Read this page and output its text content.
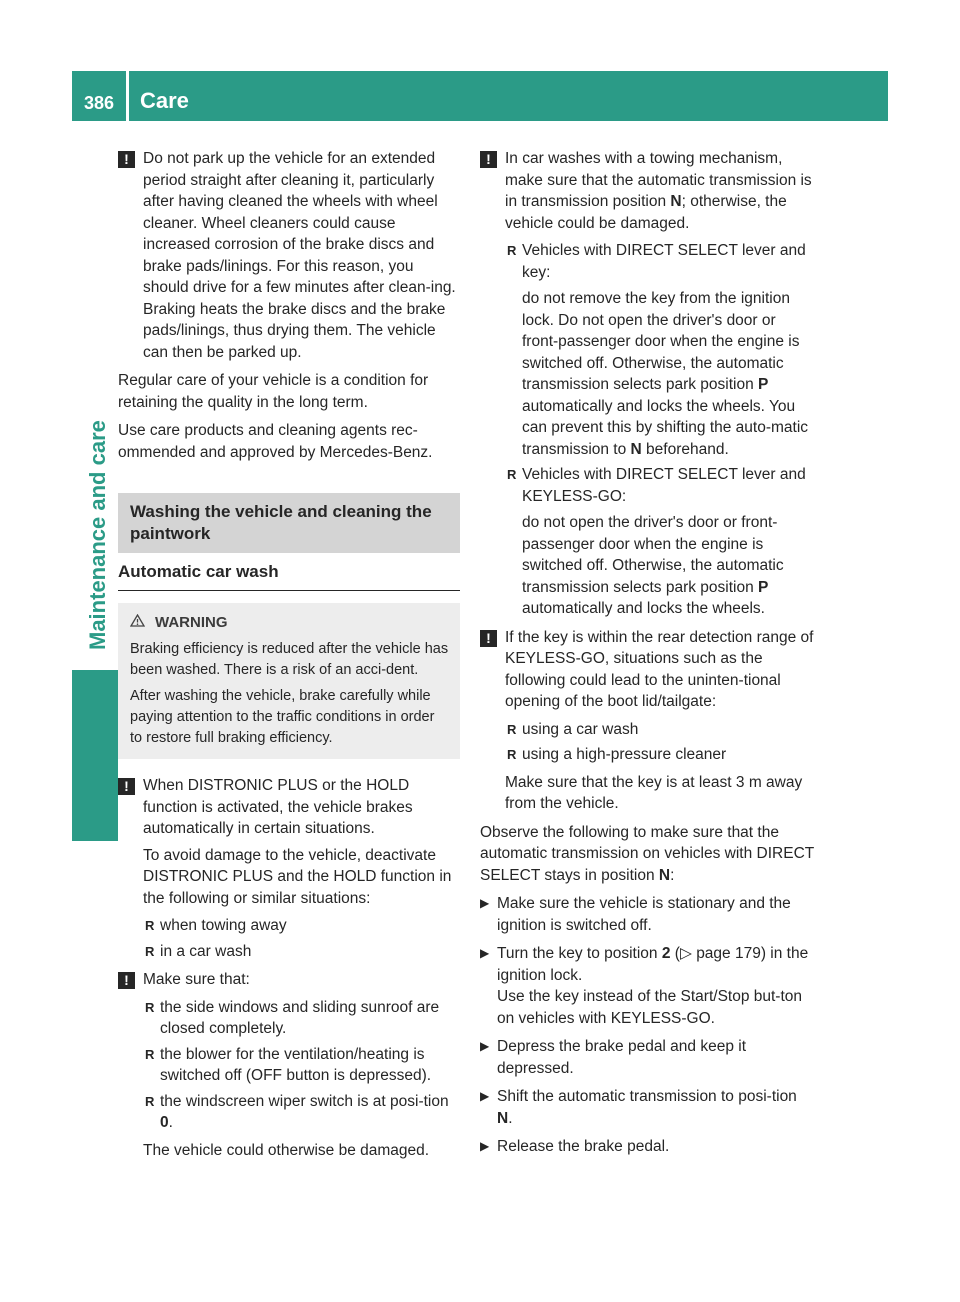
386 Care
Maintenance and care
!

Do not park up the vehicle for an extended period straight after cleaning it, particularly after having cleaned the wheels with wheel cleaner. Wheel cleaners could cause increased corrosion of the brake discs and brake pads/linings. For this reason, you should drive for a few minutes after clean-ing. Braking heats the brake discs and the brake pads/linings, thus drying them. The vehicle can then be parked up.

Regular care of your vehicle is a condition for retaining the quality in the long term.

Use care products and cleaning agents rec-ommended and approved by Mercedes-Benz.

Washing the vehicle and cleaning the paintwork
Automatic car wash
WARNING

Braking efficiency is reduced after the vehicle has been washed. There is a risk of an acci-dent.

After washing the vehicle, brake carefully while paying attention to the traffic conditions in order to restore full braking efficiency.

!

When DISTRONIC PLUS or the HOLD function is activated, the vehicle brakes automatically in certain situations.

To avoid damage to the vehicle, deactivate DISTRONIC PLUS and the HOLD function in the following or similar situations:

R when towing away
R in a car wash
!

Make sure that:

R the side windows and sliding sunroof are closed completely.
R the blower for the ventilation/heating is switched off (OFF button is depressed).
R the windscreen wiper switch is at posi-tion 0.

The vehicle could otherwise be damaged.

!

In car washes with a towing mechanism, make sure that the automatic transmission is in transmission position N; otherwise, the vehicle could be damaged.

R Vehicles with DIRECT SELECT lever and key:

do not remove the key from the ignition lock. Do not open the driver's door or front-passenger door when the engine is switched off. Otherwise, the automatic transmission selects park position P automatically and locks the wheels. You can prevent this by shifting the auto-matic transmission to N beforehand.

R Vehicles with DIRECT SELECT lever and KEYLESS-GO:

do not open the driver's door or front-passenger door when the engine is switched off. Otherwise, the automatic transmission selects park position P automatically and locks the wheels.

!

If the key is within the rear detection range of KEYLESS-GO, situations such as the following could lead to the uninten-tional opening of the boot lid/tailgate:

R using a car wash
R using a high-pressure cleaner

Make sure that the key is at least 3 m away from the vehicle.

Observe the following to make sure that the automatic transmission on vehicles with DIRECT SELECT stays in position N:

▶ Make sure the vehicle is stationary and the ignition is switched off.
▶ Turn the key to position 2 (▷ page 179) in the ignition lock.

Use the key instead of the Start/Stop but-ton on vehicles with KEYLESS-GO.

▶ Depress the brake pedal and keep it depressed.
▶ Shift the automatic transmission to posi-tion N.
▶ Release the brake pedal.
